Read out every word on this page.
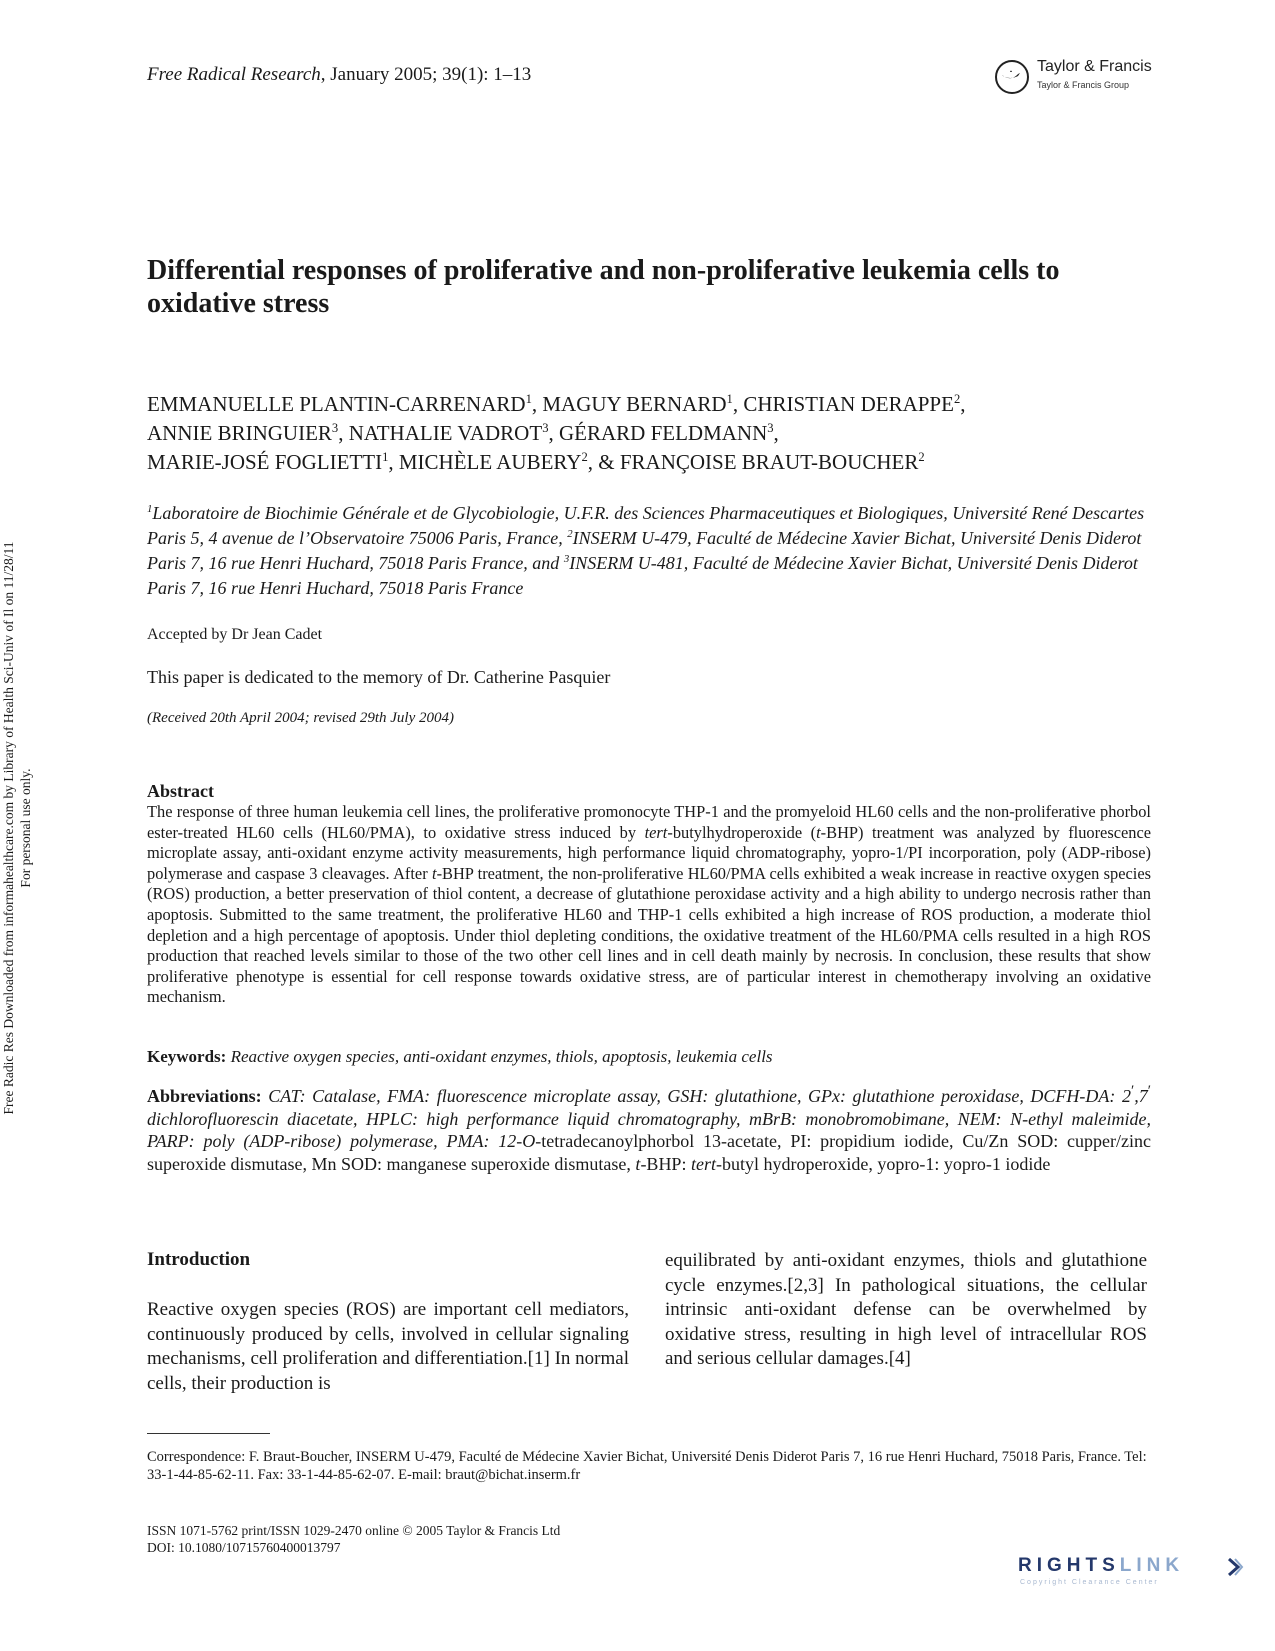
Free Radical Research, January 2005; 39(1): 1–13	Taylor & Francis
Taylor & Francis Group
Differential responses of proliferative and non-proliferative leukemia cells to oxidative stress
EMMANUELLE PLANTIN-CARRENARD$^1$, MAGUY BERNARD$^1$, CHRISTIAN DERAPPE$^2$,
ANNIE BRINGUIER$^3$, NATHALIE VADROT$^3$, GÉRARD FELDMANN$^3$,
MARIE-JOSÉ FOGLIETTI$^1$, MICHÈLE AUBERY$^2$, & FRANÇOISE BRAUT-BOUCHER$^2$
$^1$Laboratoire de Biochimie Générale et de Glycobiologie, U.F.R. des Sciences Pharmaceutiques et Biologiques, Université René Descartes Paris 5, 4 avenue de l’Observatoire 75006 Paris, France, $^2$INSERM U-479, Faculté de Médecine Xavier Bichat, Université Denis Diderot Paris 7, 16 rue Henri Huchard, 75018 Paris France, and $^3$INSERM U-481, Faculté de Médecine Xavier Bichat, Université Denis Diderot Paris 7, 16 rue Henri Huchard, 75018 Paris France
Accepted by Dr Jean Cadet
This paper is dedicated to the memory of Dr. Catherine Pasquier
(Received 20th April 2004; revised 29th July 2004)
Abstract
The response of three human leukemia cell lines, the proliferative promonocyte THP-1 and the promyeloid HL60 cells and the non-proliferative phorbol ester-treated HL60 cells (HL60/PMA), to oxidative stress induced by tert-butylhydroperoxide (t-BHP) treatment was analyzed by fluorescence microplate assay, anti-oxidant enzyme activity measurements, high performance liquid chromatography, yopro-1/PI incorporation, poly (ADP-ribose) polymerase and caspase 3 cleavages. After t-BHP treatment, the non-proliferative HL60/PMA cells exhibited a weak increase in reactive oxygen species (ROS) production, a better preservation of thiol content, a decrease of glutathione peroxidase activity and a high ability to undergo necrosis rather than apoptosis. Submitted to the same treatment, the proliferative HL60 and THP-1 cells exhibited a high increase of ROS production, a moderate thiol depletion and a high percentage of apoptosis. Under thiol depleting conditions, the oxidative treatment of the HL60/PMA cells resulted in a high ROS production that reached levels similar to those of the two other cell lines and in cell death mainly by necrosis. In conclusion, these results that show proliferative phenotype is essential for cell response towards oxidative stress, are of particular interest in chemotherapy involving an oxidative mechanism.
Keywords: Reactive oxygen species, anti-oxidant enzymes, thiols, apoptosis, leukemia cells
Abbreviations: CAT: Catalase, FMA: fluorescence microplate assay, GSH: glutathione, GPx: glutathione peroxidase, DCFH-DA: 2′,7′ dichlorofluorescin diacetate, HPLC: high performance liquid chromatography, mBrB: monobromobimane, NEM: N-ethyl maleimide, PARP: poly (ADP-ribose) polymerase, PMA: 12-O-tetradecanoylphorbol 13-acetate, PI: propidium iodide, Cu/Zn SOD: cupper/zinc superoxide dismutase, Mn SOD: manganese superoxide dismutase, t-BHP: tert-butyl hydroperoxide, yopro-1: yopro-1 iodide
Introduction
Reactive oxygen species (ROS) are important cell mediators, continuously produced by cells, involved in cellular signaling mechanisms, cell proliferation and differentiation.[1] In normal cells, their production is
equilibrated by anti-oxidant enzymes, thiols and glutathione cycle enzymes.[2,3] In pathological situations, the cellular intrinsic anti-oxidant defense can be overwhelmed by oxidative stress, resulting in high level of intracellular ROS and serious cellular damages.[4]
Correspondence: F. Braut-Boucher, INSERM U-479, Faculté de Médecine Xavier Bichat, Université Denis Diderot Paris 7, 16 rue Henri Huchard, 75018 Paris, France. Tel: 33-1-44-85-62-11. Fax: 33-1-44-85-62-07. E-mail: braut@bichat.inserm.fr
ISSN 1071-5762 print/ISSN 1029-2470 online © 2005 Taylor & Francis Ltd
DOI: 10.1080/10715760400013797
Free Radic Res Downloaded from informahealthcare.com by Library of Health Sci-Univ of Il on 11/28/11 For personal use only.
RIGHTSLINK
Copyright Clearance Center
